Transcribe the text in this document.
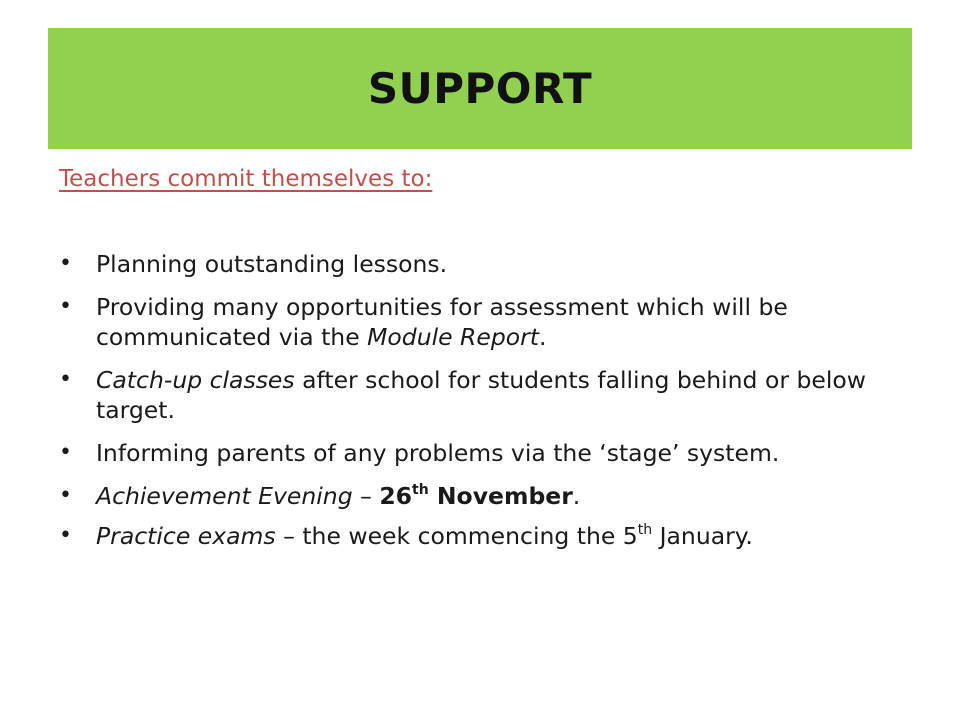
SUPPORT
Teachers commit themselves to:
• Planning outstanding lessons.
• Providing many opportunities for assessment which will be communicated via the Module Report.
• Catch-up classes after school for students falling behind or below target.
• Informing parents of any problems via the ‘stage’ system.
• Achievement Evening – 26th November.
• Practice exams – the week commencing the 5th January.
